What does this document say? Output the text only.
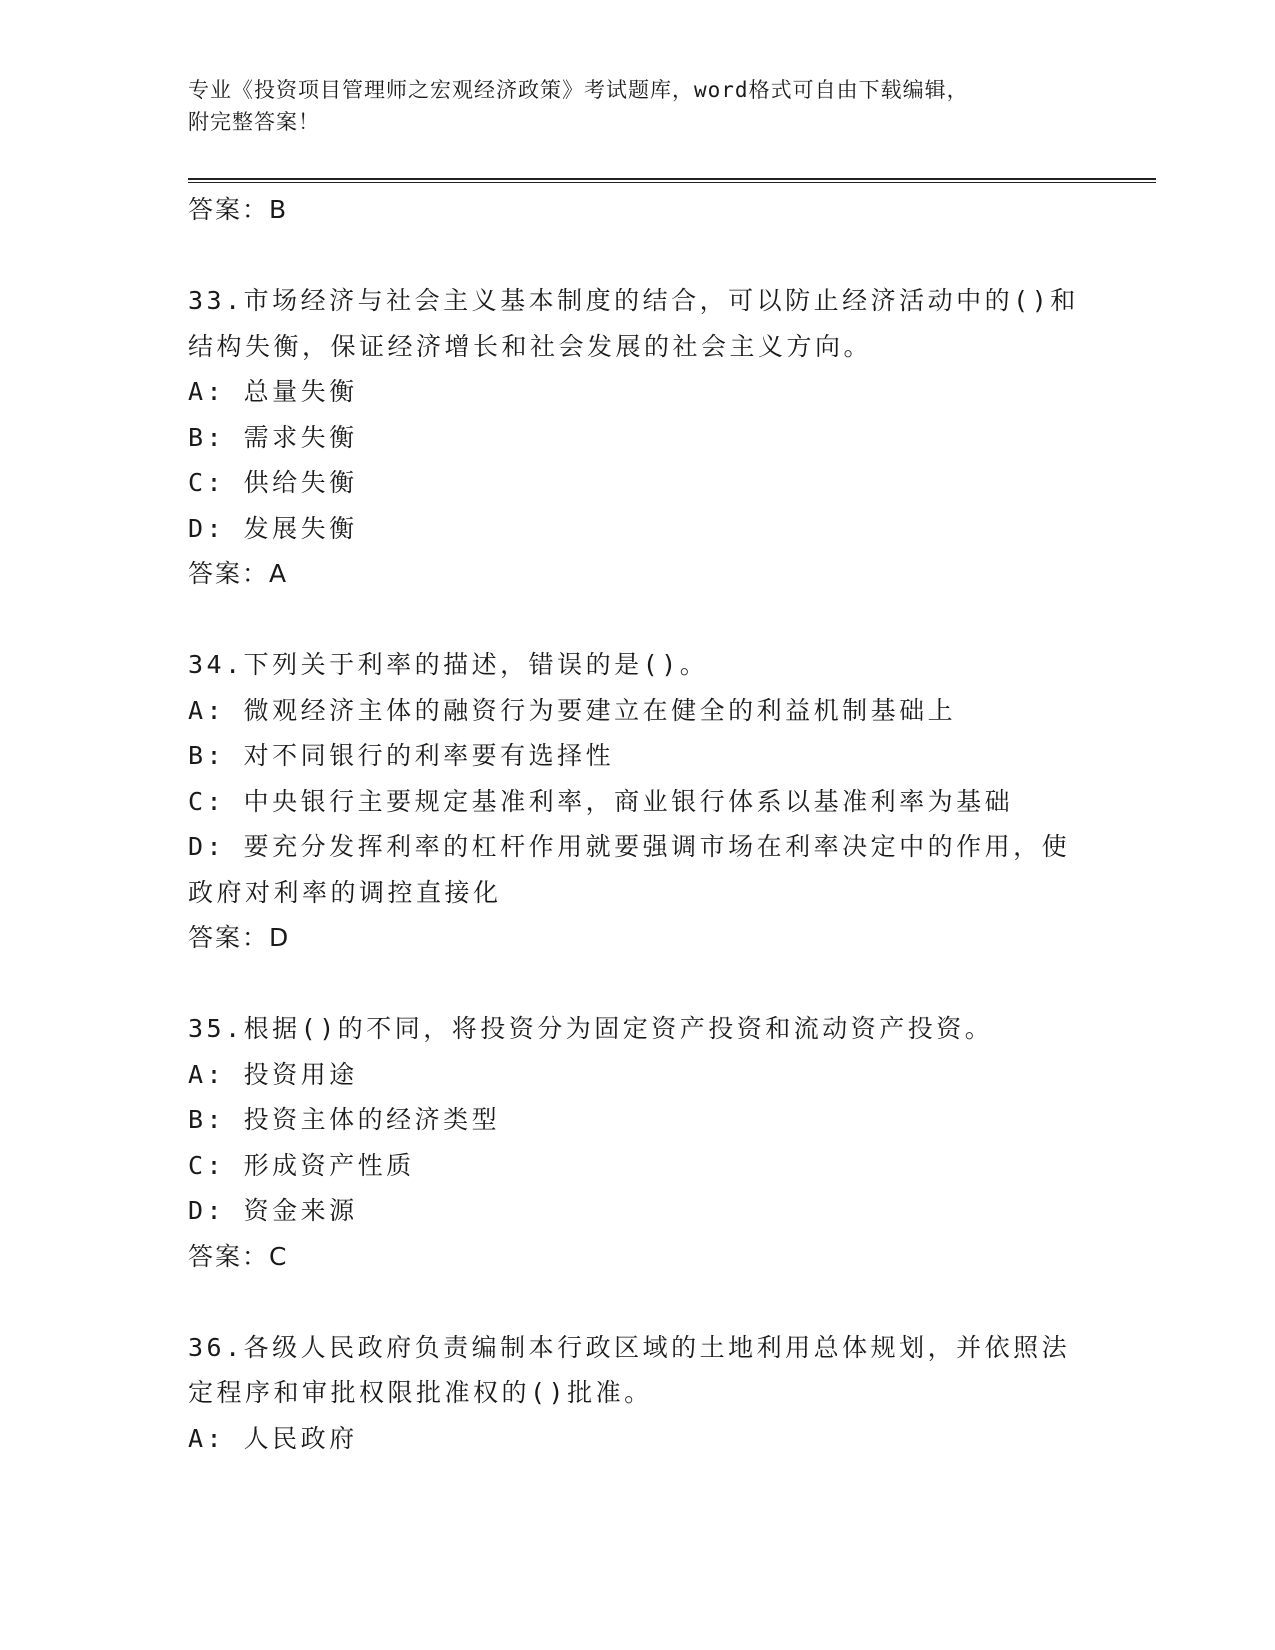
专业《投资项目管理师之宏观经济政策》考试题库，word格式可自由下载编辑，
附完整答案！
答案：B
33.市场经济与社会主义基本制度的结合，可以防止经济活动中的()和
结构失衡，保证经济增长和社会发展的社会主义方向。
A: 总量失衡
B: 需求失衡
C: 供给失衡
D: 发展失衡
答案：A
34.下列关于利率的描述，错误的是()。
A: 微观经济主体的融资行为要建立在健全的利益机制基础上
B: 对不同银行的利率要有选择性
C: 中央银行主要规定基准利率，商业银行体系以基准利率为基础
D: 要充分发挥利率的杠杆作用就要强调市场在利率决定中的作用，使
政府对利率的调控直接化
答案：D
35.根据()的不同，将投资分为固定资产投资和流动资产投资。
A: 投资用途
B: 投资主体的经济类型
C: 形成资产性质
D: 资金来源
答案：C
36.各级人民政府负责编制本行政区域的土地利用总体规划，并依照法
定程序和审批权限批准权的()批准。
A: 人民政府
